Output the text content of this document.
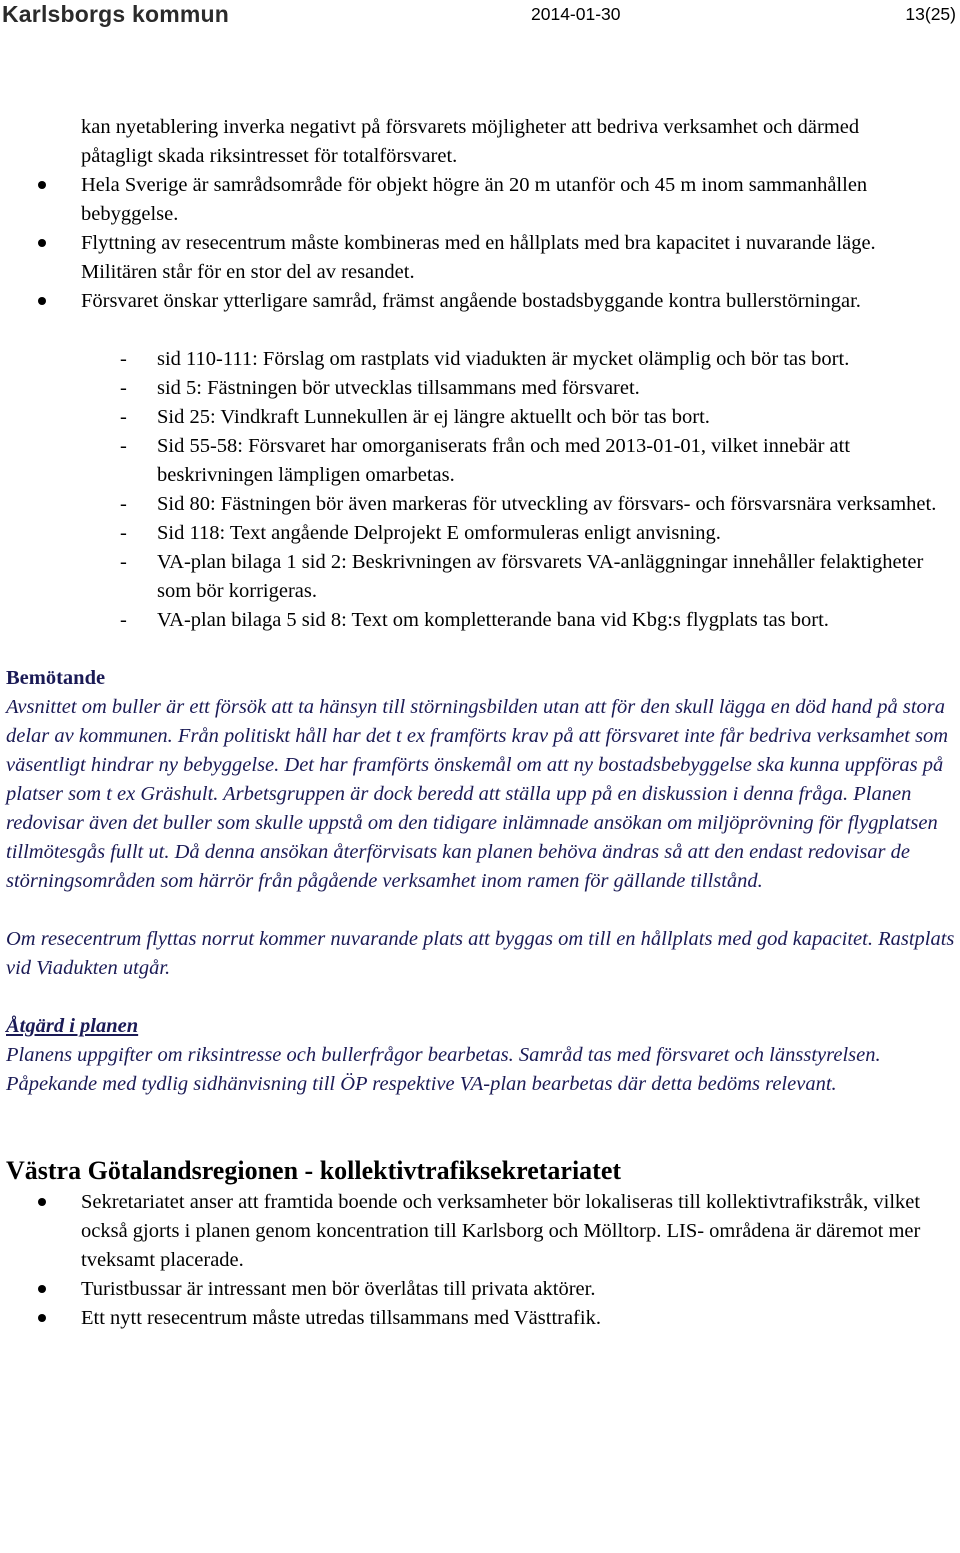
Karlsborgs kommun	2014-01-30	13(25)
kan nyetablering inverka negativt på försvarets möjligheter att bedriva verksamhet och därmed påtagligt skada riksintresset för totalförsvaret.
Hela Sverige är samrådsområde för objekt högre än 20 m utanför och 45 m inom sammanhållen bebyggelse.
Flyttning av resecentrum måste kombineras med en hållplats med bra kapacitet i nuvarande läge. Militären står för en stor del av resandet.
Försvaret önskar ytterligare samråd, främst angående bostadsbyggande kontra bullerstörningar.
- sid 110-111: Förslag om rastplats vid viadukten är mycket olämplig och bör tas bort.
- sid 5: Fästningen bör utvecklas tillsammans med försvaret.
- Sid 25: Vindkraft Lunnekullen är ej längre aktuellt och bör tas bort.
- Sid 55-58: Försvaret har omorganiserats från och med 2013-01-01, vilket innebär att beskrivningen lämpligen omarbetas.
- Sid 80: Fästningen bör även markeras för utveckling av försvars- och försvarsnära verksamhet.
- Sid 118: Text angående Delprojekt E omformuleras enligt anvisning.
- VA-plan bilaga 1 sid 2: Beskrivningen av försvarets VA-anläggningar innehåller felaktigheter som bör korrigeras.
- VA-plan bilaga 5 sid 8: Text om kompletterande bana vid Kbg:s flygplats tas bort.
Bemötande
Avsnittet om buller är ett försök att ta hänsyn till störningsbilden utan att för den skull lägga en död hand på stora delar av kommunen. Från politiskt håll har det t ex framförts krav på att försvaret inte får bedriva verksamhet som väsentligt hindrar ny bebyggelse. Det har framförts önskemål om att ny bostadsbebyggelse ska kunna uppföras på platser som t ex Gräshult. Arbetsgruppen är dock beredd att ställa upp på en diskussion i denna fråga. Planen redovisar även det buller som skulle uppstå om den tidigare inlämnade ansökan om miljöprövning för flygplatsen tillmötesgås fullt ut. Då denna ansökan återförvisats kan planen behöva ändras så att den endast redovisar de störningsområden som härrör från pågående verksamhet inom ramen för gällande tillstånd.
Om resecentrum flyttas norrut kommer nuvarande plats att byggas om till en hållplats med god kapacitet. Rastplats vid Viadukten utgår.
Åtgärd i planen
Planens uppgifter om riksintresse och bullerfrågor bearbetas. Samråd tas med försvaret och länsstyrelsen. Påpekande med tydlig sidhänvisning till ÖP respektive VA-plan bearbetas där detta bedöms relevant.
Västra Götalandsregionen - kollektivtrafiksekretariatet
Sekretariatet anser att framtida boende och verksamheter bör lokaliseras till kollektivtrafikstråk, vilket också gjorts i planen genom koncentration till Karlsborg och Mölltorp. LIS- områdena är däremot mer tveksamt placerade.
Turistbussar är intressant men bör överlåtas till privata aktörer.
Ett nytt resecentrum måste utredas tillsammans med Västtrafik.
